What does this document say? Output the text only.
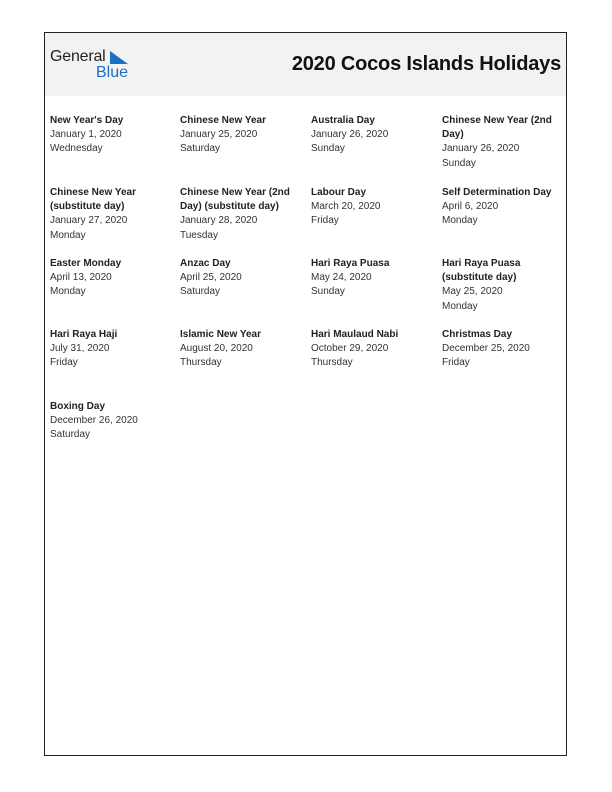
General
Blue	2020 Cocos Islands Holidays
New Year's Day
January 1, 2020
Wednesday
Chinese New Year
January 25, 2020
Saturday
Australia Day
January 26, 2020
Sunday
Chinese New Year (2nd Day)
January 26, 2020
Sunday
Chinese New Year (substitute day)
January 27, 2020
Monday
Chinese New Year (2nd Day) (substitute day)
January 28, 2020
Tuesday
Labour Day
March 20, 2020
Friday
Self Determination Day
April 6, 2020
Monday
Easter Monday
April 13, 2020
Monday
Anzac Day
April 25, 2020
Saturday
Hari Raya Puasa
May 24, 2020
Sunday
Hari Raya Puasa (substitute day)
May 25, 2020
Monday
Hari Raya Haji
July 31, 2020
Friday
Islamic New Year
August 20, 2020
Thursday
Hari Maulaud Nabi
October 29, 2020
Thursday
Christmas Day
December 25, 2020
Friday
Boxing Day
December 26, 2020
Saturday
